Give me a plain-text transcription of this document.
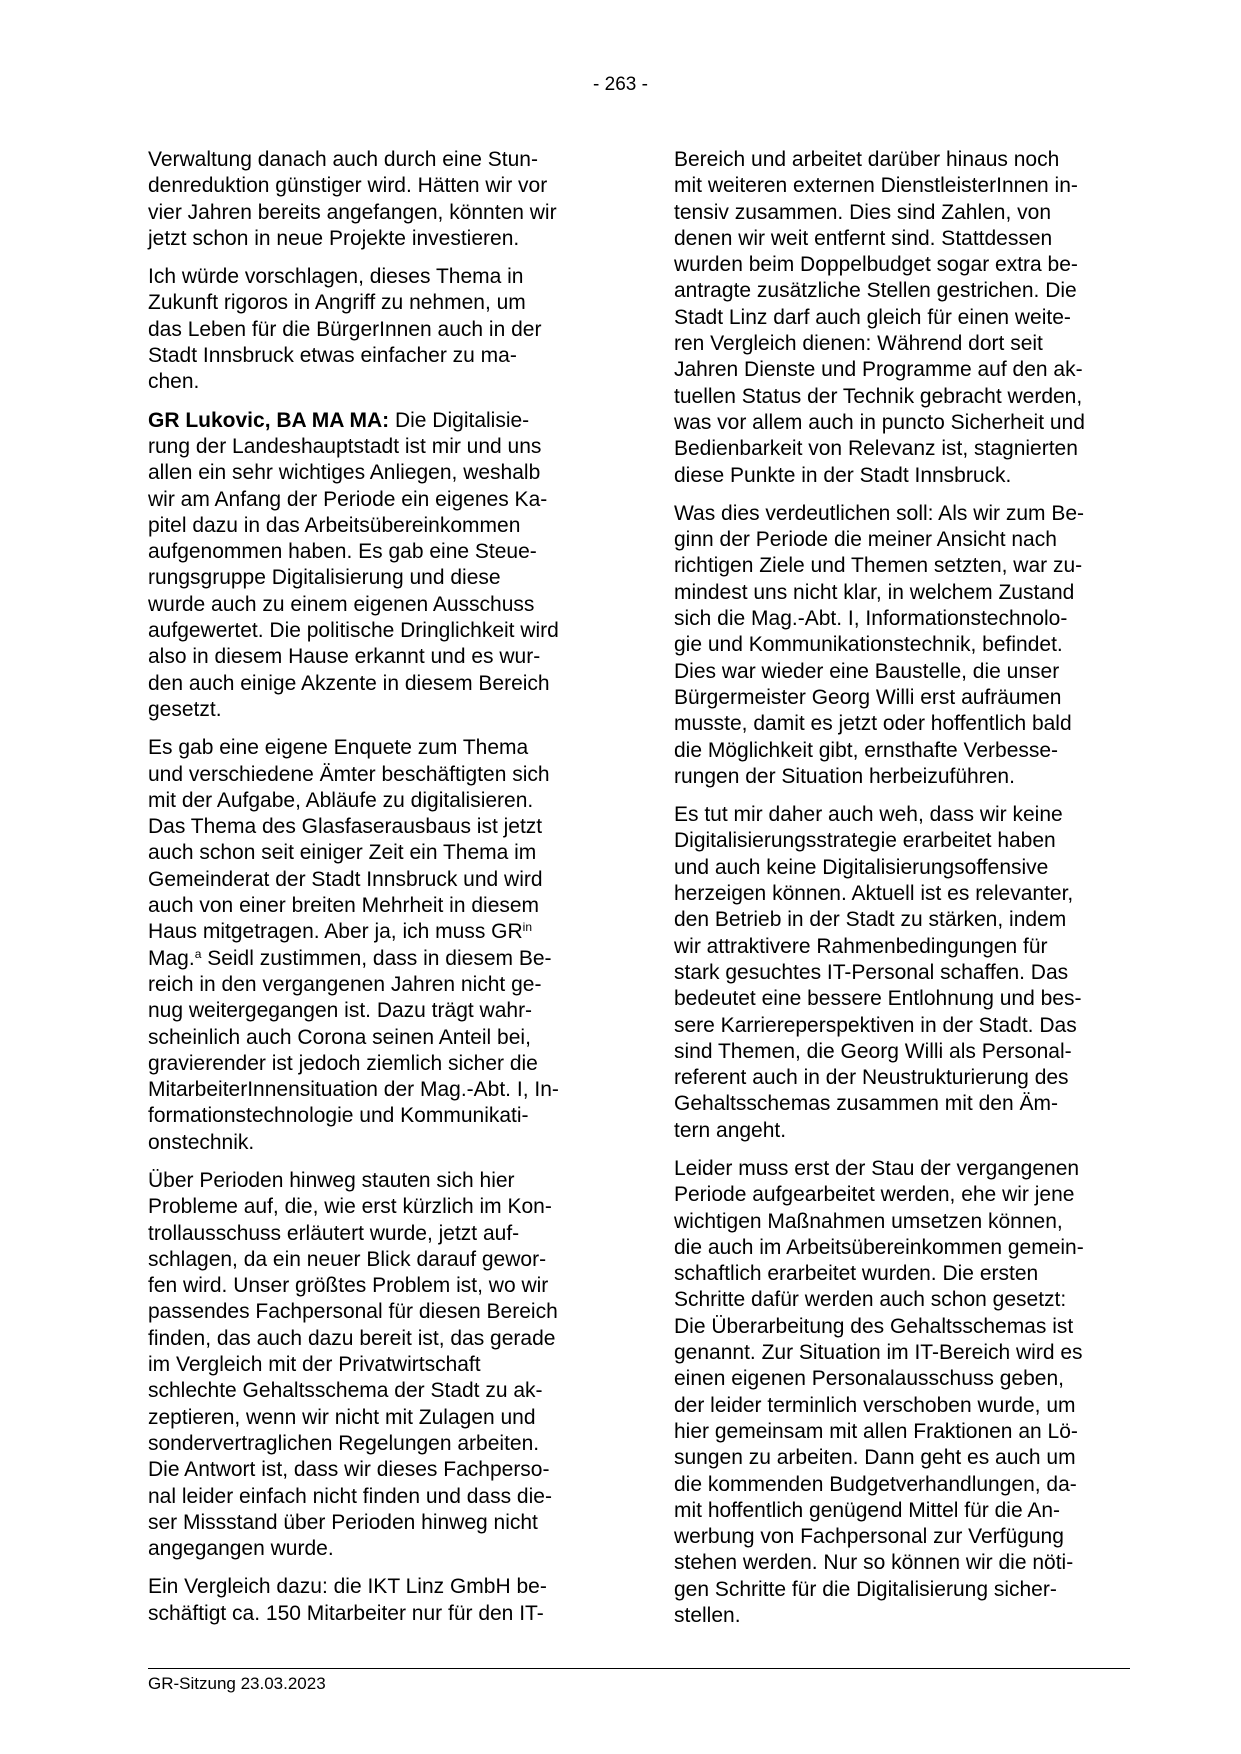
- 263 -

Verwaltung danach auch durch eine Stun-
denreduktion günstiger wird. Hätten wir vor
vier Jahren bereits angefangen, könnten wir
jetzt schon in neue Projekte investieren.

Ich würde vorschlagen, dieses Thema in
Zukunft rigoros in Angriff zu nehmen, um
das Leben für die BürgerInnen auch in der
Stadt Innsbruck etwas einfacher zu ma-
chen.

GR Lukovic, BA MA MA: Die Digitalisie-
rung der Landeshauptstadt ist mir und uns
allen ein sehr wichtiges Anliegen, weshalb
wir am Anfang der Periode ein eigenes Ka-
pitel dazu in das Arbeitsübereinkommen
aufgenommen haben. Es gab eine Steue-
rungsgruppe Digitalisierung und diese
wurde auch zu einem eigenen Ausschuss
aufgewertet. Die politische Dringlichkeit wird
also in diesem Hause erkannt und es wur-
den auch einige Akzente in diesem Bereich
gesetzt.

Es gab eine eigene Enquete zum Thema
und verschiedene Ämter beschäftigten sich
mit der Aufgabe, Abläufe zu digitalisieren.
Das Thema des Glasfaserausbaus ist jetzt
auch schon seit einiger Zeit ein Thema im
Gemeinderat der Stadt Innsbruck und wird
auch von einer breiten Mehrheit in diesem
Haus mitgetragen. Aber ja, ich muss $GR^{in}$
Mag.$^a$ Seidl zustimmen, dass in diesem Be-
reich in den vergangenen Jahren nicht ge-
nug weitergegangen ist. Dazu trägt wahr-
scheinlich auch Corona seinen Anteil bei,
gravierender ist jedoch ziemlich sicher die
MitarbeiterInnensituation der Mag.-Abt. I, In-
formationstechnologie und Kommunikati-
onstechnik.

Über Perioden hinweg stauten sich hier
Probleme auf, die, wie erst kürzlich im Kon-
trollausschuss erläutert wurde, jetzt auf-
schlagen, da ein neuer Blick darauf gewor-
fen wird. Unser größtes Problem ist, wo wir
passendes Fachpersonal für diesen Bereich
finden, das auch dazu bereit ist, das gerade
im Vergleich mit der Privatwirtschaft
schlechte Gehaltsschema der Stadt zu ak-
zeptieren, wenn wir nicht mit Zulagen und
sondervertraglichen Regelungen arbeiten.
Die Antwort ist, dass wir dieses Fachperso-
nal leider einfach nicht finden und dass die-
ser Missstand über Perioden hinweg nicht
angegangen wurde.

Ein Vergleich dazu: die IKT Linz GmbH be-
schäftigt ca. 150 Mitarbeiter nur für den IT-

Bereich und arbeitet darüber hinaus noch
mit weiteren externen DienstleisterInnen in-
tensiv zusammen. Dies sind Zahlen, von
denen wir weit entfernt sind. Stattdessen
wurden beim Doppelbudget sogar extra be-
antragte zusätzliche Stellen gestrichen. Die
Stadt Linz darf auch gleich für einen weite-
ren Vergleich dienen: Während dort seit
Jahren Dienste und Programme auf den ak-
tuellen Status der Technik gebracht werden,
was vor allem auch in puncto Sicherheit und
Bedienbarkeit von Relevanz ist, stagnierten
diese Punkte in der Stadt Innsbruck.

Was dies verdeutlichen soll: Als wir zum Be-
ginn der Periode die meiner Ansicht nach
richtigen Ziele und Themen setzten, war zu-
mindest uns nicht klar, in welchem Zustand
sich die Mag.-Abt. I, Informationstechnolo-
gie und Kommunikationstechnik, befindet.
Dies war wieder eine Baustelle, die unser
Bürgermeister Georg Willi erst aufräumen
musste, damit es jetzt oder hoffentlich bald
die Möglichkeit gibt, ernsthafte Verbesse-
rungen der Situation herbeizuführen.

Es tut mir daher auch weh, dass wir keine
Digitalisierungsstrategie erarbeitet haben
und auch keine Digitalisierungsoffensive
herzeigen können. Aktuell ist es relevanter,
den Betrieb in der Stadt zu stärken, indem
wir attraktivere Rahmenbedingungen für
stark gesuchtes IT-Personal schaffen. Das
bedeutet eine bessere Entlohnung und bes-
sere Karriereperspektiven in der Stadt. Das
sind Themen, die Georg Willi als Personal-
referent auch in der Neustrukturierung des
Gehaltsschemas zusammen mit den Äm-
tern angeht.

Leider muss erst der Stau der vergangenen
Periode aufgearbeitet werden, ehe wir jene
wichtigen Maßnahmen umsetzen können,
die auch im Arbeitsübereinkommen gemein-
schaftlich erarbeitet wurden. Die ersten
Schritte dafür werden auch schon gesetzt:
Die Überarbeitung des Gehaltsschemas ist
genannt. Zur Situation im IT-Bereich wird es
einen eigenen Personalausschuss geben,
der leider terminlich verschoben wurde, um
hier gemeinsam mit allen Fraktionen an Lö-
sungen zu arbeiten. Dann geht es auch um
die kommenden Budgetverhandlungen, da-
mit hoffentlich genügend Mittel für die An-
werbung von Fachpersonal zur Verfügung
stehen werden. Nur so können wir die nöti-
gen Schritte für die Digitalisierung sicher-
stellen.

GR-Sitzung 23.03.2023
